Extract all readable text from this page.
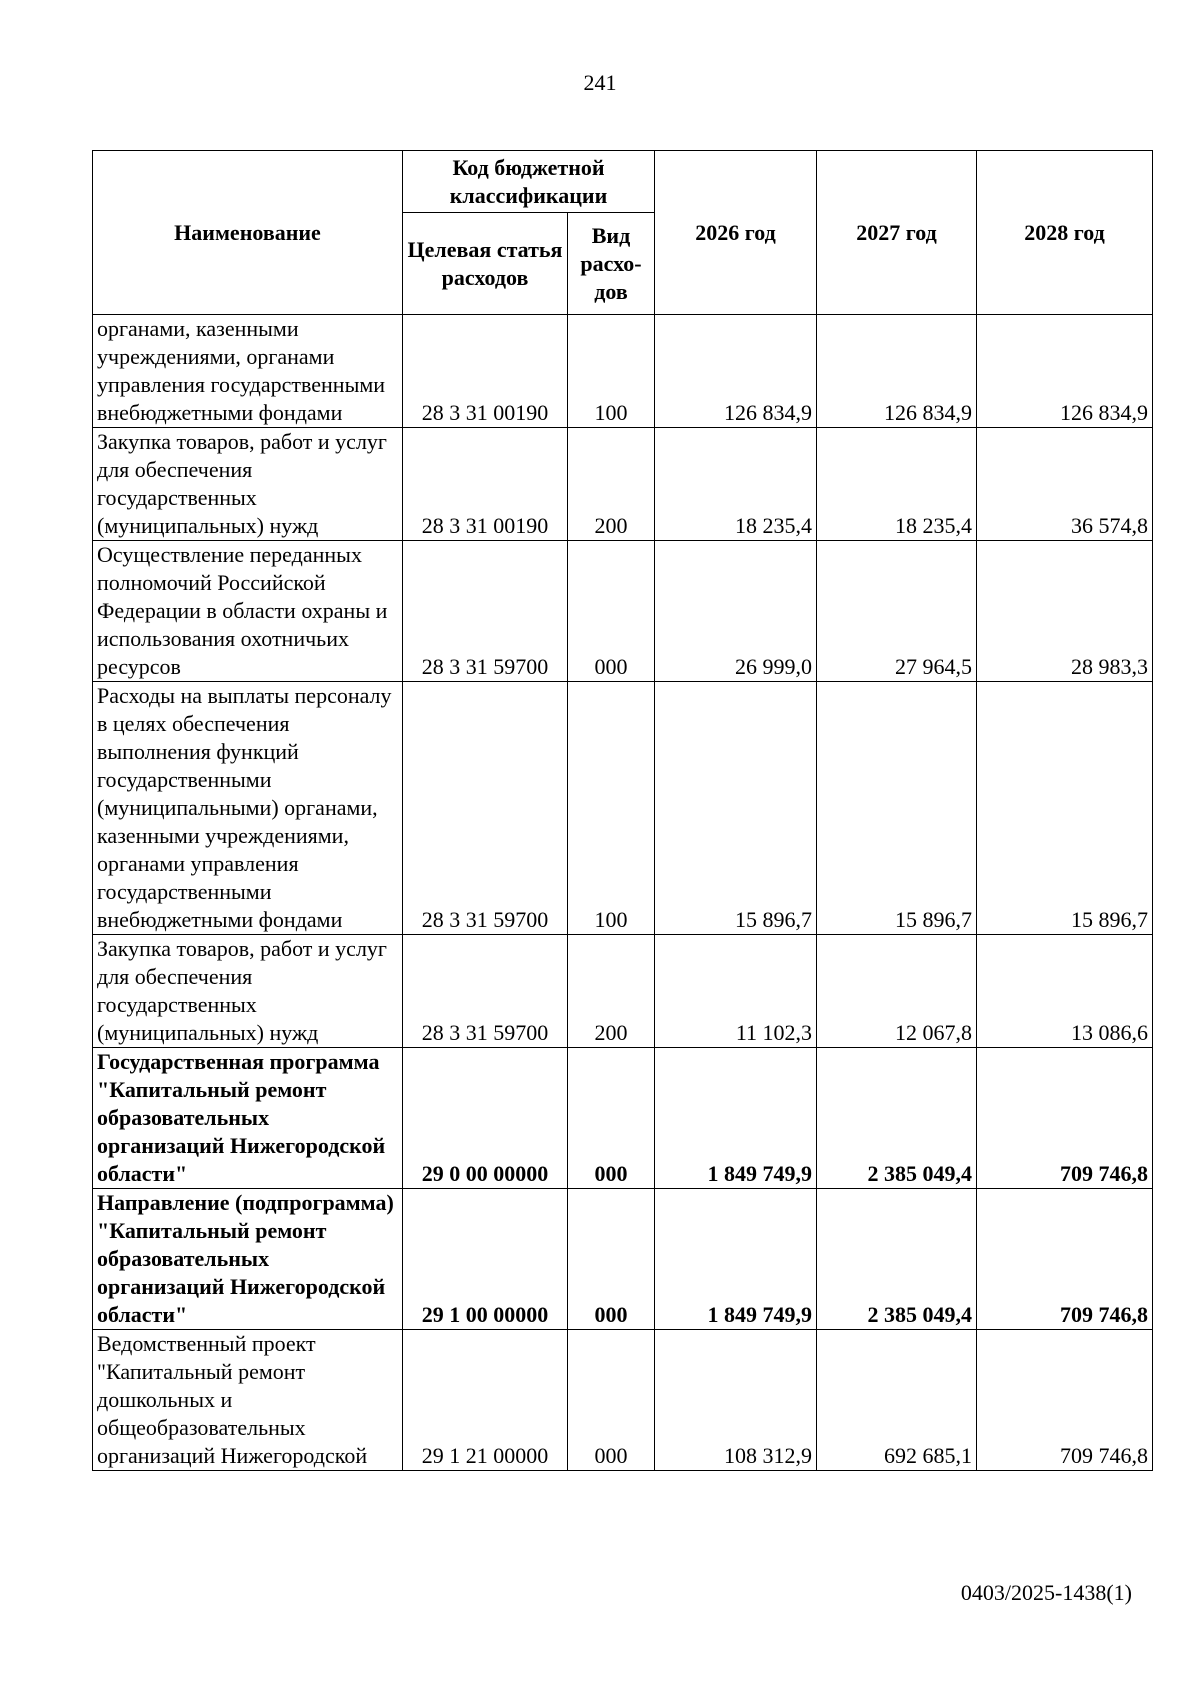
241
Наименование	Код бюджетной классификации		2026 год	2027 год	2028 год
	Целевая статья расходов	Вид расхо-дов			
органами, казенными учреждениями, органами управления государственными внебюджетными фондами	28 3 31 00190	100	126 834,9	126 834,9	126 834,9
Закупка товаров, работ и услуг для обеспечения государственных (муниципальных) нужд	28 3 31 00190	200	18 235,4	18 235,4	36 574,8
Осуществление переданных полномочий Российской Федерации в области охраны и использования охотничьих ресурсов	28 3 31 59700	000	26 999,0	27 964,5	28 983,3
Расходы на выплаты персоналу в целях обеспечения выполнения функций государственными (муниципальными) органами, казенными учреждениями, органами управления государственными внебюджетными фондами	28 3 31 59700	100	15 896,7	15 896,7	15 896,7
Закупка товаров, работ и услуг для обеспечения государственных (муниципальных) нужд	28 3 31 59700	200	11 102,3	12 067,8	13 086,6
Государственная программа "Капитальный ремонт образовательных организаций Нижегородской области"	29 0 00 00000	000	1 849 749,9	2 385 049,4	709 746,8
Направление (подпрограмма) "Капитальный ремонт образовательных организаций Нижегородской области"	29 1 00 00000	000	1 849 749,9	2 385 049,4	709 746,8
Ведомственный проект "Капитальный ремонт дошкольных и общеобразовательных организаций Нижегородской	29 1 21 00000	000	108 312,9	692 685,1	709 746,8
0403/2025-1438(1)
